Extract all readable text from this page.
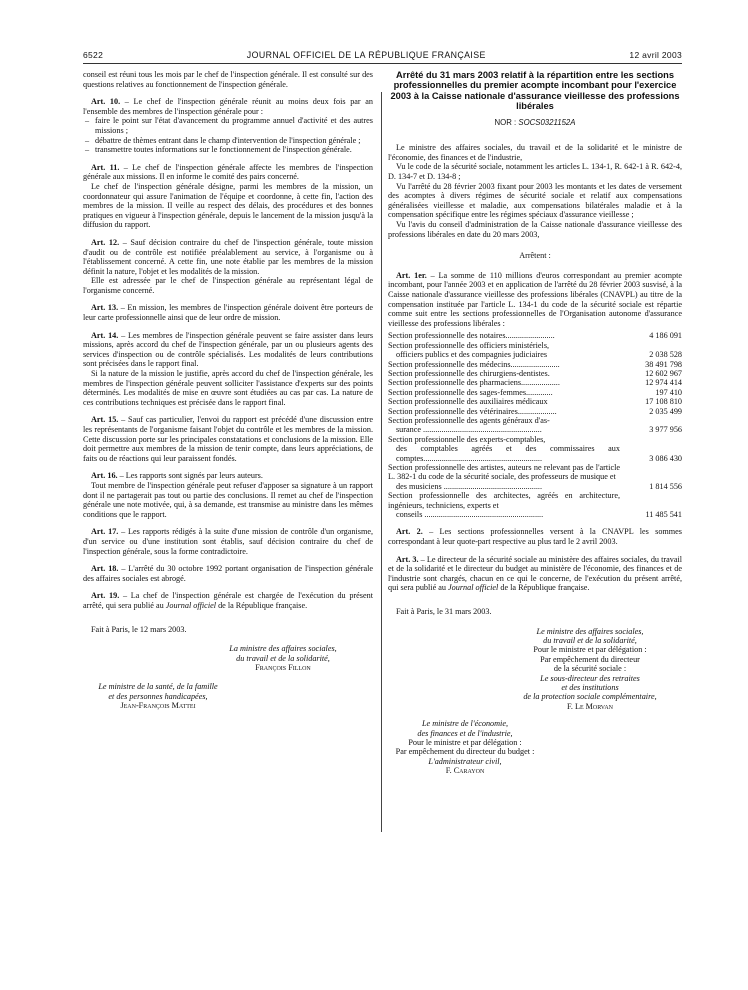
6522	JOURNAL OFFICIEL DE LA RÉPUBLIQUE FRANÇAISE	12 avril 2003

conseil est réuni tous les mois par le chef de l'inspection générale. Il est consulté sur des questions relatives au fonctionnement de l'inspection générale.

Art. 10. – Le chef de l'inspection générale réunit au moins deux fois par an l'ensemble des membres de l'inspection générale pour :

– faire le point sur l'état d'avancement du programme annuel d'activité et des autres missions ;
– débattre de thèmes entrant dans le champ d'intervention de l'inspection générale ;
– transmettre toutes informations sur le fonctionnement de l'inspection générale.

Art. 11. – Le chef de l'inspection générale affecte les membres de l'inspection générale aux missions. Il en informe le comité des pairs concerné.

Le chef de l'inspection générale désigne, parmi les membres de la mission, un coordonnateur qui assure l'animation de l'équipe et coordonne, à cette fin, l'action des membres de la mission. Il veille au respect des délais, des procédures et des bonnes pratiques en vigueur à l'inspection générale, depuis le lancement de la mission jusqu'à la diffusion du rapport.

Art. 12. – Sauf décision contraire du chef de l'inspection générale, toute mission d'audit ou de contrôle est notifiée préalablement au service, à l'organisme ou à l'établissement concerné. A cette fin, une note établie par les membres de la mission définit la nature, l'objet et les modalités de la mission.

Elle est adressée par le chef de l'inspection générale au représentant légal de l'organisme concerné.

Art. 13. – En mission, les membres de l'inspection générale doivent être porteurs de leur carte professionnelle ainsi que de leur ordre de mission.

Art. 14. – Les membres de l'inspection générale peuvent se faire assister dans leurs missions, après accord du chef de l'inspection générale, par un ou plusieurs agents des services d'inspection ou de contrôle spécialisés. Les modalités de leurs contributions sont précisées dans le rapport final.

Si la nature de la mission le justifie, après accord du chef de l'inspection générale, les membres de l'inspection générale peuvent solliciter l'assistance d'experts sur des points déterminés. Les modalités de mise en œuvre sont étudiées au cas par cas. La nature de ces contributions techniques est précisée dans le rapport final.

Art. 15. – Sauf cas particulier, l'envoi du rapport est précédé d'une discussion entre les représentants de l'organisme faisant l'objet du contrôle et les membres de la mission. Cette discussion porte sur les principales constatations et conclusions de la mission. Elle doit permettre aux membres de la mission de tenir compte, dans leurs appréciations, de faits ou de réactions qui leur paraissent fondés.

Art. 16. – Les rapports sont signés par leurs auteurs.

Tout membre de l'inspection générale peut refuser d'apposer sa signature à un rapport dont il ne partagerait pas tout ou partie des conclusions. Il remet au chef de l'inspection générale une note motivée, qui, à sa demande, est transmise au ministre dans les mêmes conditions que le rapport.

Art. 17. – Les rapports rédigés à la suite d'une mission de contrôle d'un organisme, d'un service ou d'une institution sont établis, sauf décision contraire du chef de l'inspection générale, sous la forme contradictoire.

Art. 18. – L'arrêté du 30 octobre 1992 portant organisation de l'inspection générale des affaires sociales est abrogé.

Art. 19. – La chef de l'inspection générale est chargée de l'exécution du présent arrêté, qui sera publié au Journal officiel de la République française.

Fait à Paris, le 12 mars 2003.

La ministre des affaires sociales,
du travail et de la solidarité,
François Fillon
Le ministre de la santé, de la famille
et des personnes handicapées,
Jean-François Mattei
Arrêté du 31 mars 2003 relatif à la répartition entre les sections professionnelles du premier acompte incombant pour l'exercice 2003 à la Caisse nationale d'assurance vieillesse des professions libérales
NOR : SOCS0321152A

Le ministre des affaires sociales, du travail et de la solidarité et le ministre de l'économie, des finances et de l'industrie,

Vu le code de la sécurité sociale, notamment les articles L. 134-1, R. 642-1 à R. 642-4, D. 134-7 et D. 134-8 ;

Vu l'arrêté du 28 février 2003 fixant pour 2003 les montants et les dates de versement des acomptes à divers régimes de sécurité sociale et relatif aux compensations généralisées vieillesse et maladie, aux compensations bilatérales maladie et à la compensation spécifique entre les régimes spéciaux d'assurance vieillesse ;

Vu l'avis du conseil d'administration de la Caisse nationale d'assurance vieillesse des professions libérales en date du 20 mars 2003,

Arrêtent :

Art. 1er. – La somme de 110 millions d'euros correspondant au premier acompte incombant, pour l'année 2003 et en application de l'arrêté du 28 février 2003 susvisé, à la Caisse nationale d'assurance vieillesse des professions libérales (CNAVPL) au titre de la compensation instituée par l'article L. 134-1 du code de la sécurité sociale est répartie comme suit entre les sections professionnelles de l'Organisation autonome d'assurance vieillesse des professions libérales :

Section professionnelle des notaires........................	4 186 091
Section professionnelle des officiers ministériels,
officiers publics et des compagnies judiciaires	2 038 528
Section professionnelle des médecins........................	38 491 798
Section professionnelle des chirurgiens-dentistes.	12 602 967
Section professionnelle des pharmaciens...................	12 974 414
Section professionnelle des sages-femmes.............	197 410
Section professionnelle des auxiliaires médicaux	17 108 810
Section professionnelle des vétérinaires...................	2 035 499
Section professionnelle des agents généraux d'as-
surance ..........................................................	3 977 956
Section professionnelle des experts-comptables,
des comptables agréés et des commissaires aux comptes..........................................................	3 086 430
Section professionnelle des artistes, auteurs ne relevant pas de l'article L. 382-1 du code de la sécurité sociale, des professeurs de musique et
des musiciens ................................................	1 814 556
Section professionnelle des architectes, agréés en architecture, ingénieurs, techniciens, experts et
conseils ..........................................................	11 485 541

Art. 2. – Les sections professionnelles versent à la CNAVPL les sommes correspondant à leur quote-part respective au plus tard le 2 avril 2003.

Art. 3. – Le directeur de la sécurité sociale au ministère des affaires sociales, du travail et de la solidarité et le directeur du budget au ministère de l'économie, des finances et de l'industrie sont chargés, chacun en ce qui le concerne, de l'exécution du présent arrêté, qui sera publié au Journal officiel de la République française.

Fait à Paris, le 31 mars 2003.

Le ministre des affaires sociales,
du travail et de la solidarité,
Pour le ministre et par délégation :
Par empêchement du directeur
de la sécurité sociale :
Le sous-directeur des retraites
et des institutions
de la protection sociale complémentaire,
F. Le Morvan
Le ministre de l'économie,
des finances et de l'industrie,
Pour le ministre et par délégation :
Par empêchement du directeur du budget :
L'administrateur civil,
F. Carayon
